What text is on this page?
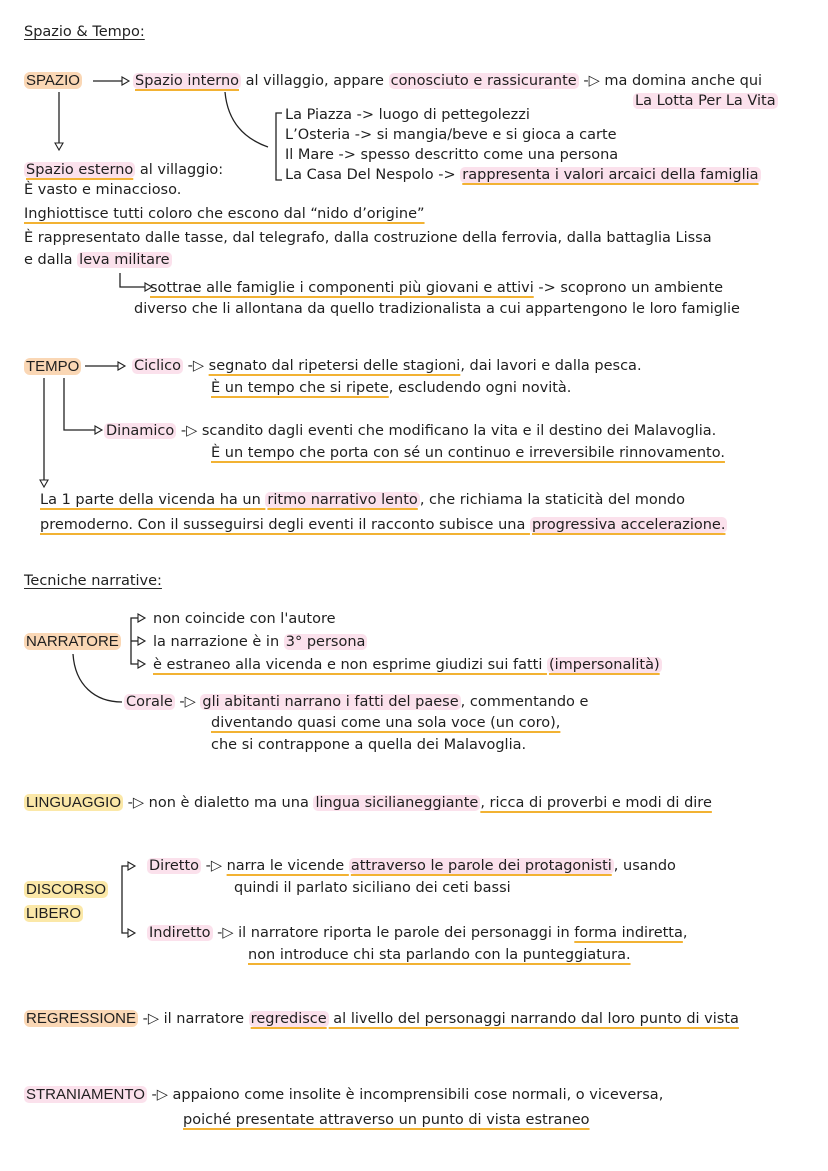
Spazio & Tempo:
SPAZIO	Spazio interno al villaggio, appare conosciuto e rassicurante -▷ ma domina anche qui
La Lotta Per La Vita
La Piazza -> luogo di pettegolezzi
L’Osteria -> si mangia/beve e si gioca a carte
Il Mare -> spesso descritto come una persona
La Casa Del Nespolo -> rappresenta i valori arcaici della famiglia
Spazio esterno al villaggio:
È vasto e minaccioso.
Inghiottisce tutti coloro che escono dal “nido d’origine”
È rappresentato dalle tasse, dal telegrafo, dalla costruzione della ferrovia, dalla battaglia Lissa
e dalla leva militare
sottrae alle famiglie i componenti più giovani e attivi -> scoprono un ambiente
diverso che li allontana da quello tradizionalista a cui appartengono le loro famiglie
TEMPO	Ciclico -▷ segnato dal ripetersi delle stagioni, dai lavori e dalla pesca.
È un tempo che si ripete, escludendo ogni novità.
Dinamico -▷ scandito dagli eventi che modificano la vita e il destino dei Malavoglia.
È un tempo che porta con sé un continuo e irreversibile rinnovamento.
La 1 parte della vicenda ha un ritmo narrativo lento , che richiama la staticità del mondo
premoderno. Con il susseguirsi degli eventi il racconto subisce una progressiva accelerazione.
Tecniche narrative:
non coincide con l'autore
NARRATORE la narrazione è in 3° persona
è estraneo alla vicenda e non esprime giudizi sui fatti (impersonalità)
Corale -▷ gli abitanti narrano i fatti del paese , commentando e
diventando quasi come una sola voce (un coro),
che si contrappone a quella dei Malavoglia.
LINGUAGGIO -▷ non è dialetto ma una lingua sicilianeggiante , ricca di proverbi e modi di dire
Diretto -▷ narra le vicende attraverso le parole dei protagonisti , usando
quindi il parlato siciliano dei ceti bassi
DISCORSO
LIBERO
Indiretto -▷ il narratore riporta le parole dei personaggi in forma indiretta,
non introduce chi sta parlando con la punteggiatura.
REGRESSIONE -▷ il narratore regredisce al livello del personaggi narrando dal loro punto di vista
STRANIAMENTO -▷ appaiono come insolite è incomprensibili cose normali, o viceversa,
poiché presentate attraverso un punto di vista estraneo
